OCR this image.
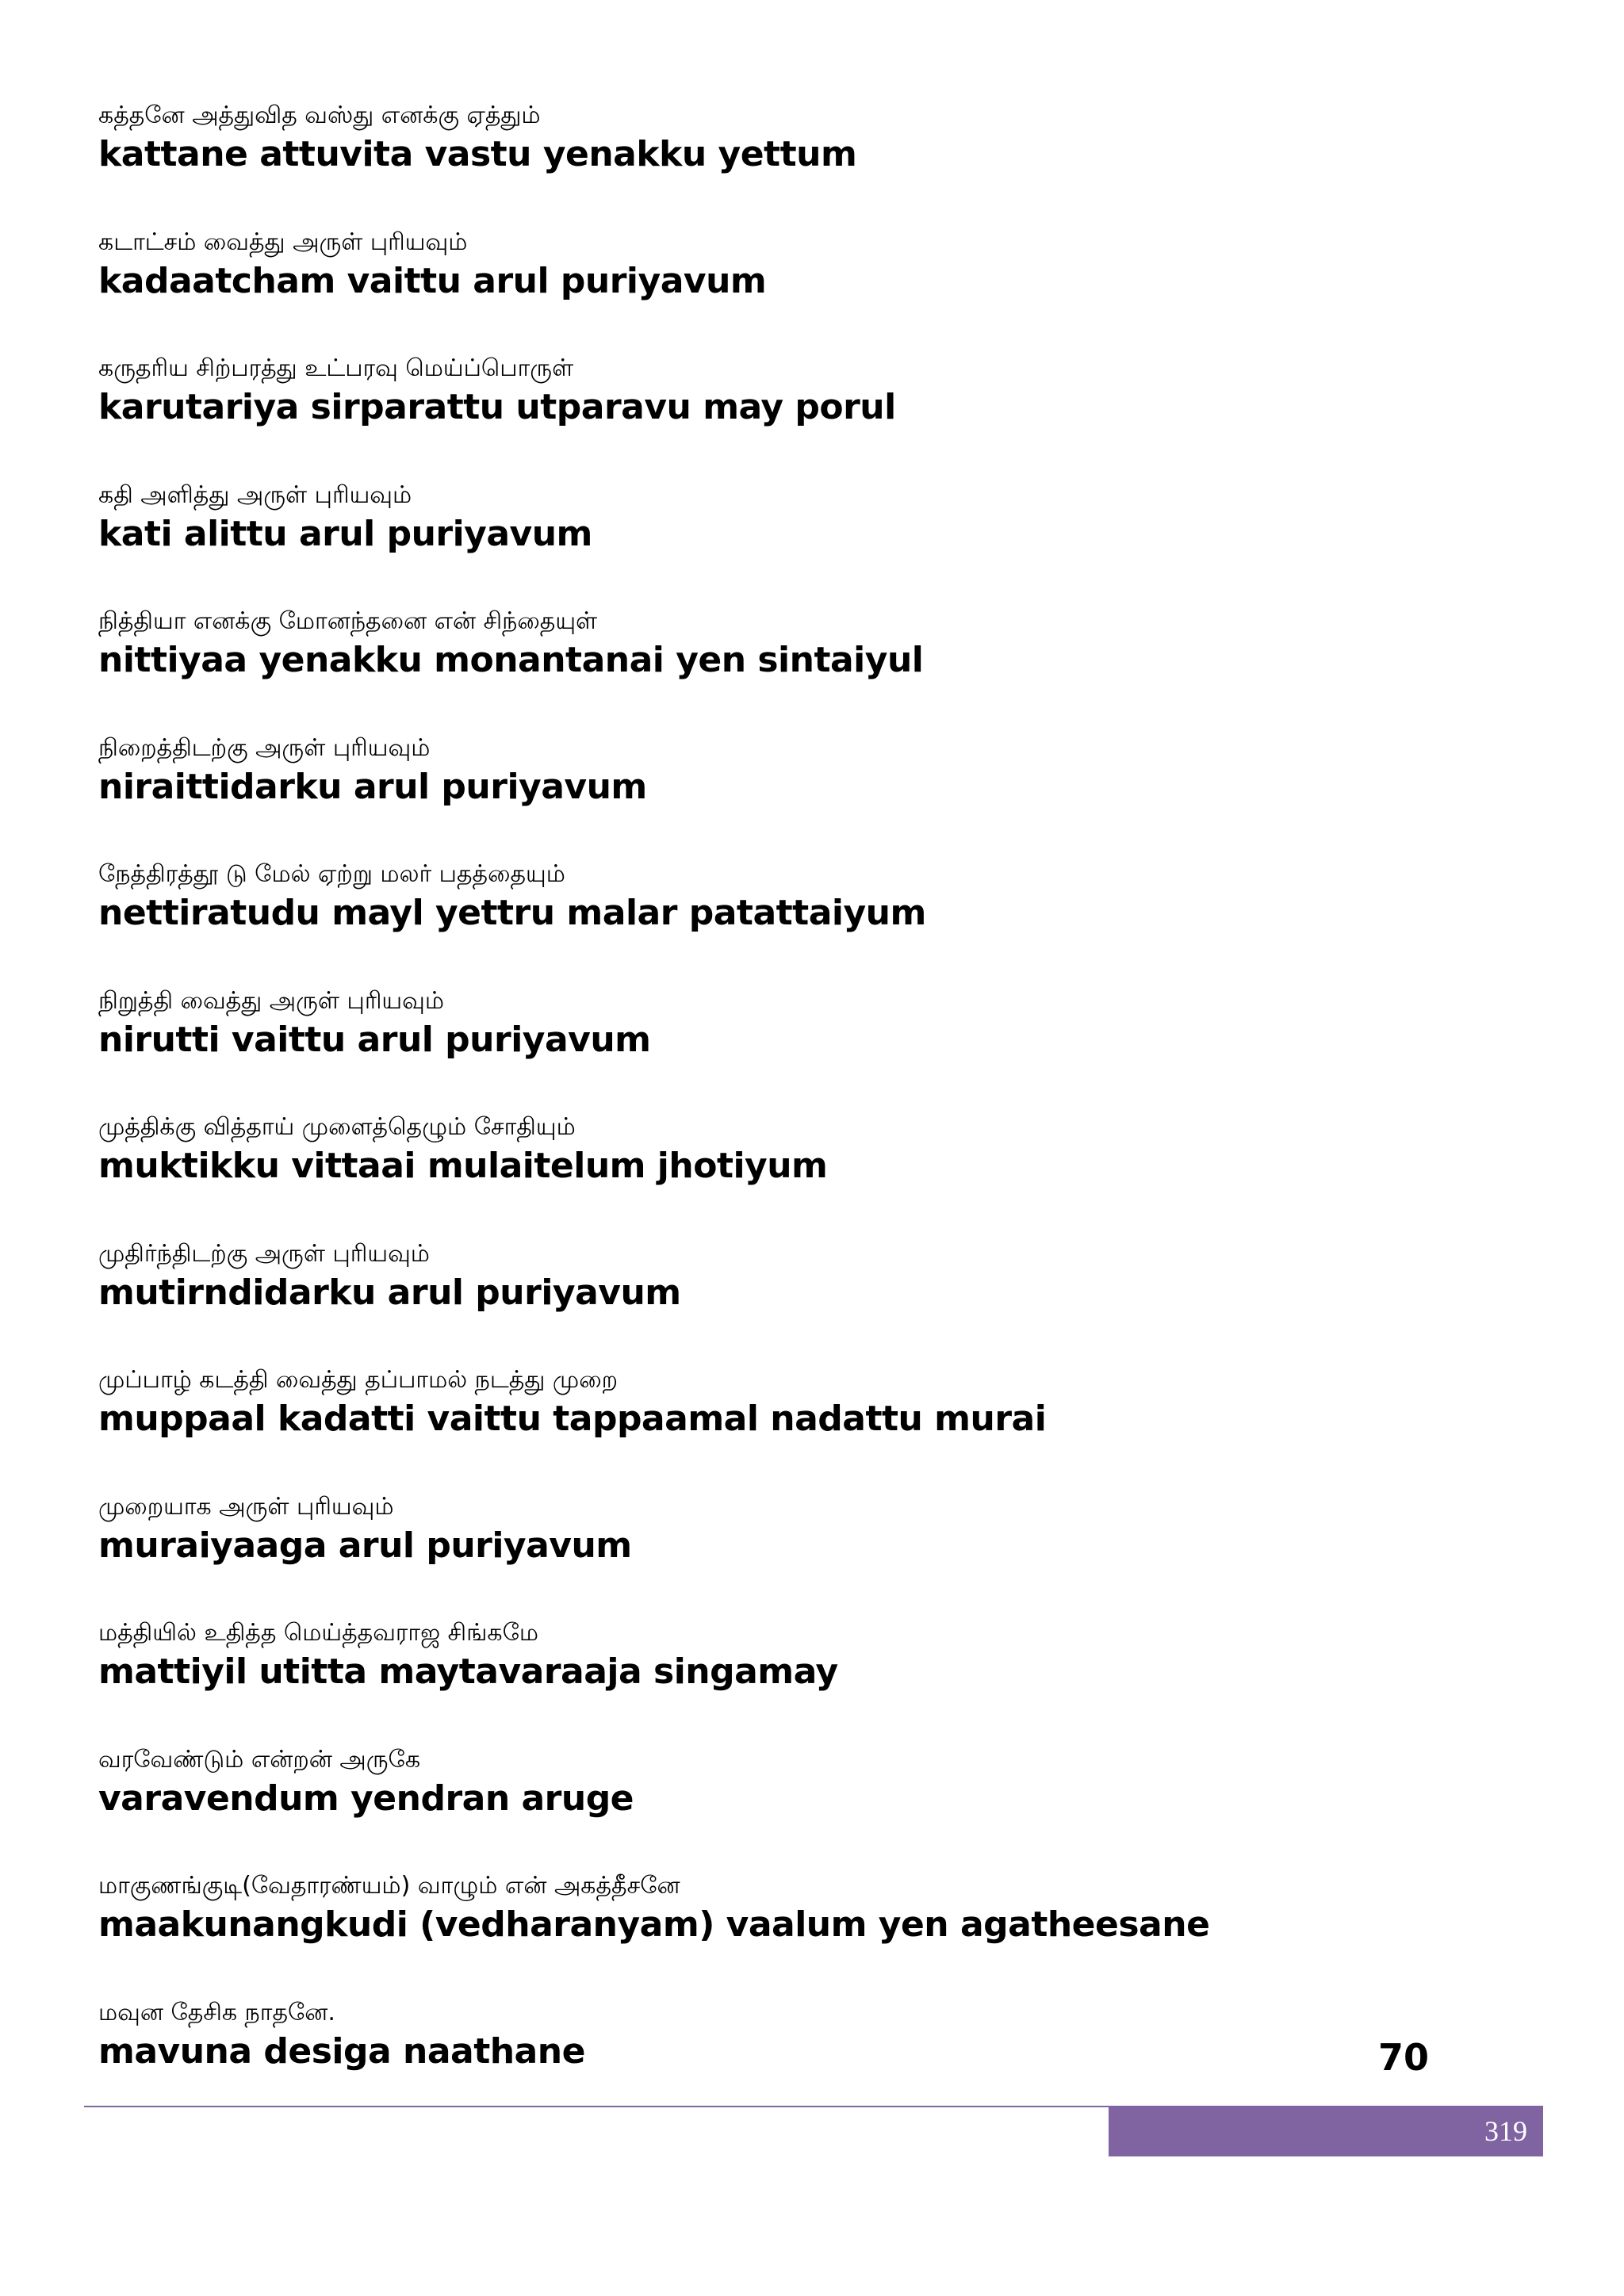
கத்தனே அத்துவித வஸ்து எனக்கு ஏத்தும்
kattane attuvita vastu yenakku yettum
கடாட்சம் வைத்து அருள் புரியவும்
kadaatcham vaittu arul puriyavum
கருதரிய சிற்பரத்து உட்பரவு மெய்ப்பொருள்
karutariya sirparattu utparavu may porul
கதி அளித்து அருள் புரியவும்
kati alittu arul puriyavum
நித்தியா எனக்கு மோனந்தனை என் சிந்தையுள்
nittiyaa yenakku monantanai yen sintaiyul
நிறைத்திடற்கு அருள் புரியவும்
niraittidarku arul puriyavum
நேத்திரத்தூ டு மேல் ஏற்று மலர் பதத்தையும்
nettiratudu mayl yettru malar patattaiyum
நிறுத்தி வைத்து அருள் புரியவும்
nirutti vaittu arul puriyavum
முத்திக்கு வித்தாய் முளைத்தெழும் சோதியும்
muktikku vittaai mulaitelum jhotiyum
முதிர்ந்திடற்கு அருள் புரியவும்
mutirndidarku arul puriyavum
முப்பாழ் கடத்தி வைத்து தப்பாமல் நடத்து முறை
muppaal kadatti vaittu tappaamal nadattu murai
முறையாக அருள் புரியவும்
muraiyaaga arul puriyavum
மத்தியில் உதித்த மெய்த்தவராஜ சிங்கமே
mattiyil utitta maytavaraaja singamay
வரவேண்டும் என்றன் அருகே
varavendum yendran aruge
மாகுணங்குடி(வேதாரண்யம்) வாழும் என் அகத்தீசனே
maakunangkudi (vedharanyam) vaalum yen agatheesane
மவுன தேசிக நாதனே.
mavuna desiga naathane	70
319
